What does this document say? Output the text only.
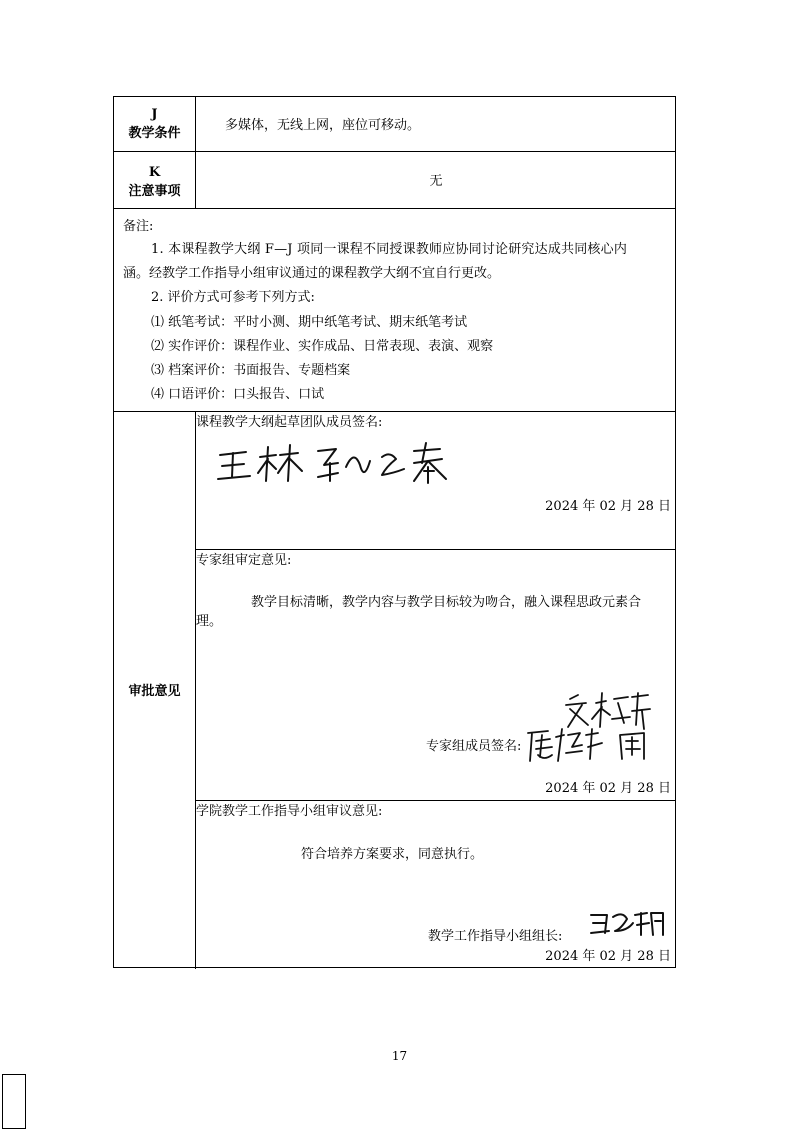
J
教学条件
多媒体，无线上网，座位可移动。
K
注意事项
无
备注:
1. 本课程教学大纲 F—J 项同一课程不同授课教师应协同讨论研究达成共同核心内
涵。经教学工作指导小组审议通过的课程教学大纲不宜自行更改。
2. 评价方式可参考下列方式:
⑴ 纸笔考试：平时小测、期中纸笔考试、期末纸笔考试
⑵ 实作评价：课程作业、实作成品、日常表现、表演、观察
⑶ 档案评价：书面报告、专题档案
⑷ 口语评价：口头报告、口试
审批意见
课程教学大纲起草团队成员签名:
2024 年 02 月 28 日
专家组审定意见:
教学目标清晰，教学内容与教学目标较为吻合，融入课程思政元素合
理。
专家组成员签名:
2024 年 02 月 28 日
学院教学工作指导小组审议意见:
符合培养方案要求，同意执行。
教学工作指导小组组长:
2024 年 02 月 28 日
17
